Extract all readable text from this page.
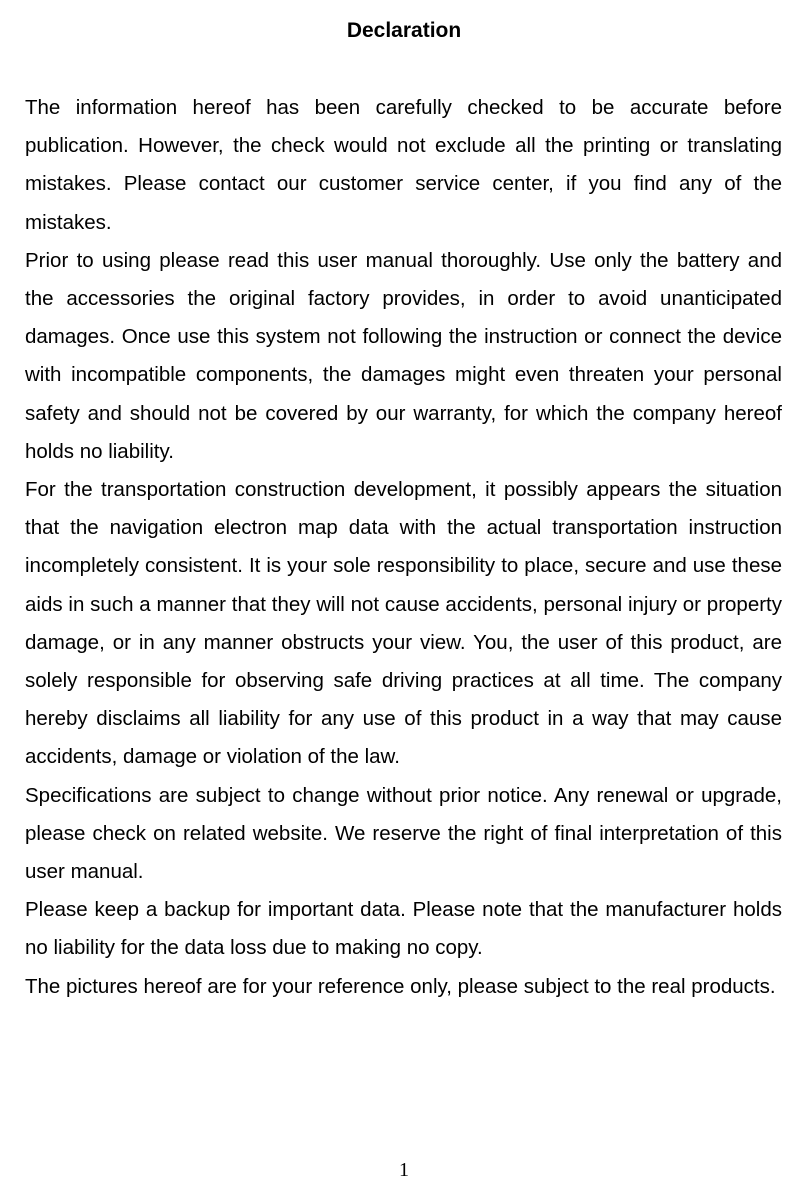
Declaration

The information hereof has been carefully checked to be accurate before publication. However, the check would not exclude all the printing or translating mistakes. Please contact our customer service center, if you find any of the mistakes.

Prior to using please read this user manual thoroughly. Use only the battery and the accessories the original factory provides, in order to avoid unanticipated damages. Once use this system not following the instruction or connect the device with incompatible components, the damages might even threaten your personal safety and should not be covered by our warranty, for which the company hereof holds no liability.

For the transportation construction development, it possibly appears the situation that the navigation electron map data with the actual transportation instruction incompletely consistent. It is your sole responsibility to place, secure and use these aids in such a manner that they will not cause accidents, personal injury or property damage, or in any manner obstructs your view. You, the user of this product, are solely responsible for observing safe driving practices at all time. The company hereby disclaims all liability for any use of this product in a way that may cause accidents, damage or violation of the law.

Specifications are subject to change without prior notice. Any renewal or upgrade, please check on related website. We reserve the right of final interpretation of this user manual.

Please keep a backup for important data. Please note that the manufacturer holds no liability for the data loss due to making no copy.

The pictures hereof are for your reference only, please subject to the real products.

1
